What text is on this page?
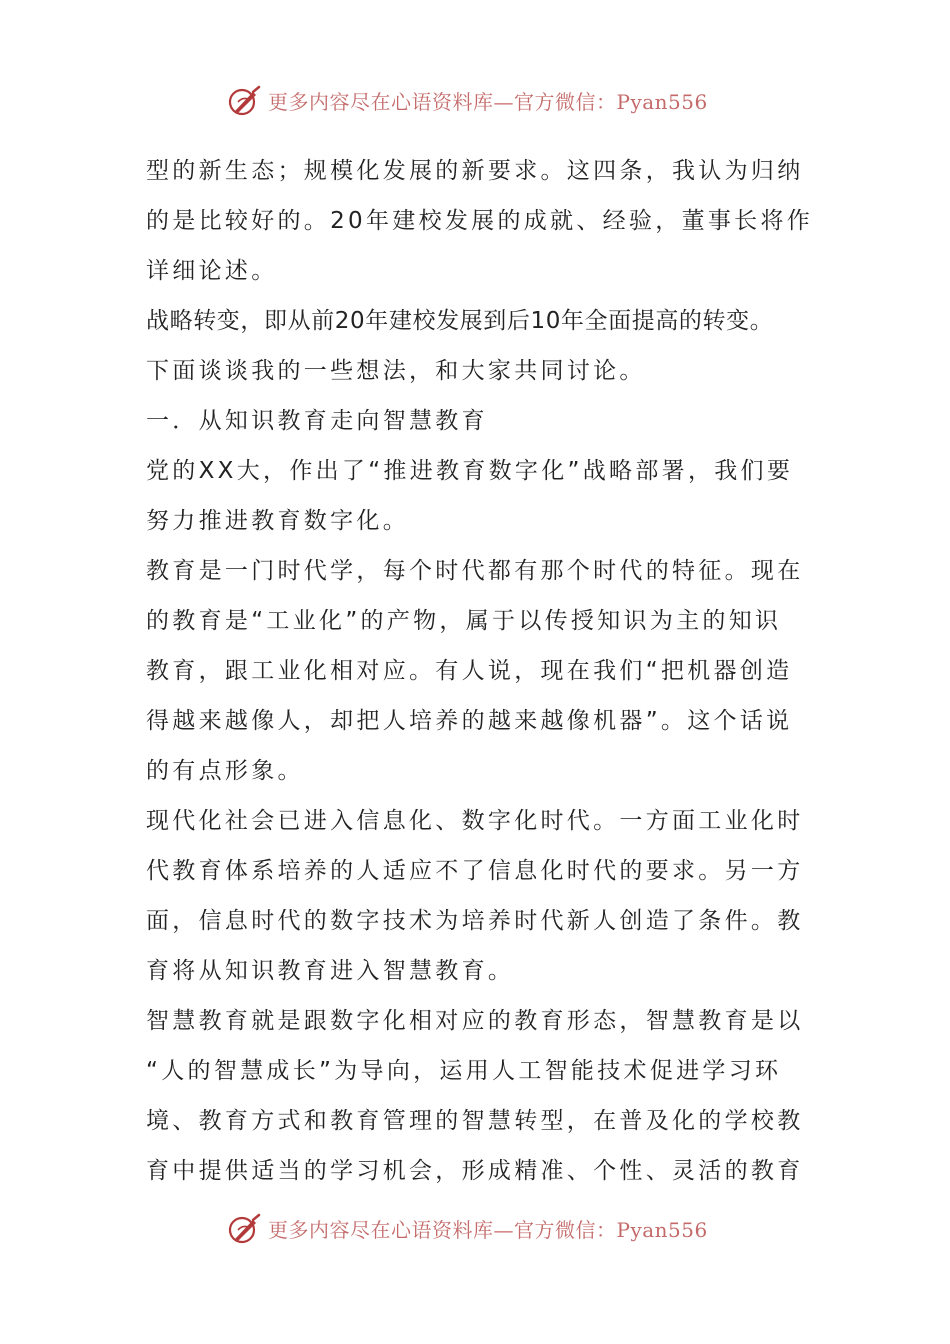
更多内容尽在心语资料库—官方微信：Pyan556
型的新生态；规模化发展的新要求。这四条，我认为归纳
的是比较好的。20年建校发展的成就、经验，董事长将作
详细论述。
战略转变，即从前20年建校发展到后10年全面提高的转变。
下面谈谈我的一些想法，和大家共同讨论。
一．从知识教育走向智慧教育
党的XX大，作出了“推进教育数字化”战略部署，我们要
努力推进教育数字化。
教育是一门时代学，每个时代都有那个时代的特征。现在
的教育是“工业化”的产物，属于以传授知识为主的知识
教育，跟工业化相对应。有人说，现在我们“把机器创造
得越来越像人，却把人培养的越来越像机器”。这个话说
的有点形象。
现代化社会已进入信息化、数字化时代。一方面工业化时
代教育体系培养的人适应不了信息化时代的要求。另一方
面，信息时代的数字技术为培养时代新人创造了条件。教
育将从知识教育进入智慧教育。
智慧教育就是跟数字化相对应的教育形态，智慧教育是以
“人的智慧成长”为导向，运用人工智能技术促进学习环
境、教育方式和教育管理的智慧转型，在普及化的学校教
育中提供适当的学习机会，形成精准、个性、灵活的教育
更多内容尽在心语资料库—官方微信：Pyan556
